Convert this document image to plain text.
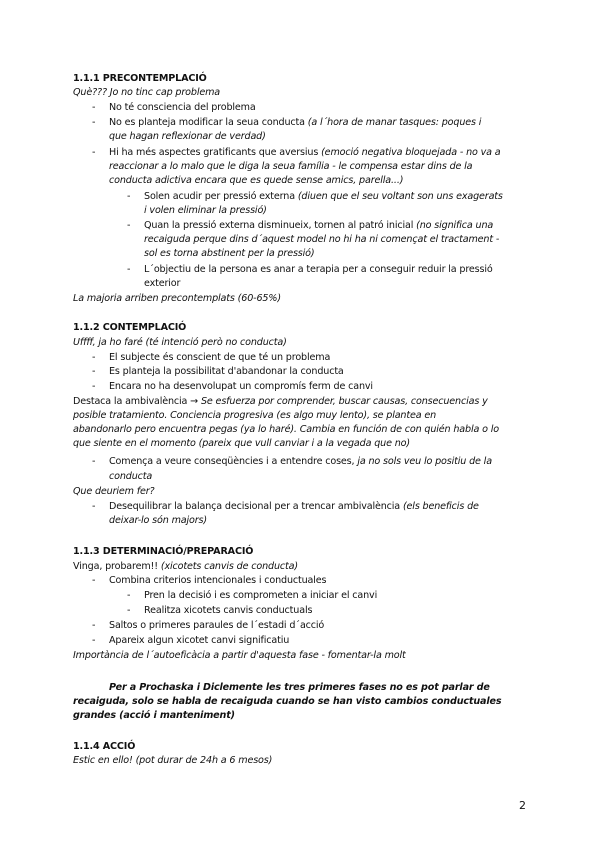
1.1.1 PRECONTEMPLACIÓ
Què??? Jo no tinc cap problema
- No té consciencia del problema
- No es planteja modificar la seua conducta (a l´hora de manar tasques: poques i
que hagan reflexionar de verdad)
- Hi ha més aspectes gratificants que aversius (emoció negativa bloquejada - no va a
reaccionar a lo malo que le diga la seua família - le compensa estar dins de la
conducta adictiva encara que es quede sense amics, parella...)
- Solen acudir per pressió externa (diuen que el seu voltant son uns exagerats
i volen eliminar la pressió)
- Quan la pressió externa disminueix, tornen al patró inicial (no significa una
recaiguda perque dins d´aquest model no hi ha ni començat el tractament -
sol es torna abstinent per la pressió)
- L´objectiu de la persona es anar a terapia per a conseguir reduir la pressió
exterior
La majoria arriben precontemplats (60-65%)
1.1.2 CONTEMPLACIÓ
Uffff, ja ho faré (té intenció però no conducta)
- El subjecte és conscient de que té un problema
- Es planteja la possibilitat d'abandonar la conducta
- Encara no ha desenvolupat un compromís ferm de canvi
Destaca la ambivalència → Se esfuerza por comprender, buscar causas, consecuencias y
posible tratamiento. Conciencia progresiva (es algo muy lento), se plantea en
abandonarlo pero encuentra pegas (ya lo haré). Cambia en función de con quién habla o lo
que siente en el momento (pareix que vull canviar i a la vegada que no)
- Comença a veure conseqüències i a entendre coses, ja no sols veu lo positiu de la
conducta
Que deuriem fer?
- Desequilibrar la balança decisional per a trencar ambivalència (els beneficis de
deixar-lo són majors)
1.1.3 DETERMINACIÓ/PREPARACIÓ
Vinga, probarem!! (xicotets canvis de conducta)
- Combina criterios intencionales i conductuales
- Pren la decisió i es comprometen a iniciar el canvi
- Realitza xicotets canvis conductuals
- Saltos o primeres paraules de l´estadi d´acció
- Apareix algun xicotet canvi significatiu
Importància de l´autoeficàcia a partir d'aquesta fase - fomentar-la molt
Per a Prochaska i Diclemente les tres primeres fases no es pot parlar de
recaiguda, solo se habla de recaiguda cuando se han visto cambios conductuales
grandes (acció i manteniment)
1.1.4 ACCIÓ
Estic en ello! (pot durar de 24h a 6 mesos)
2
